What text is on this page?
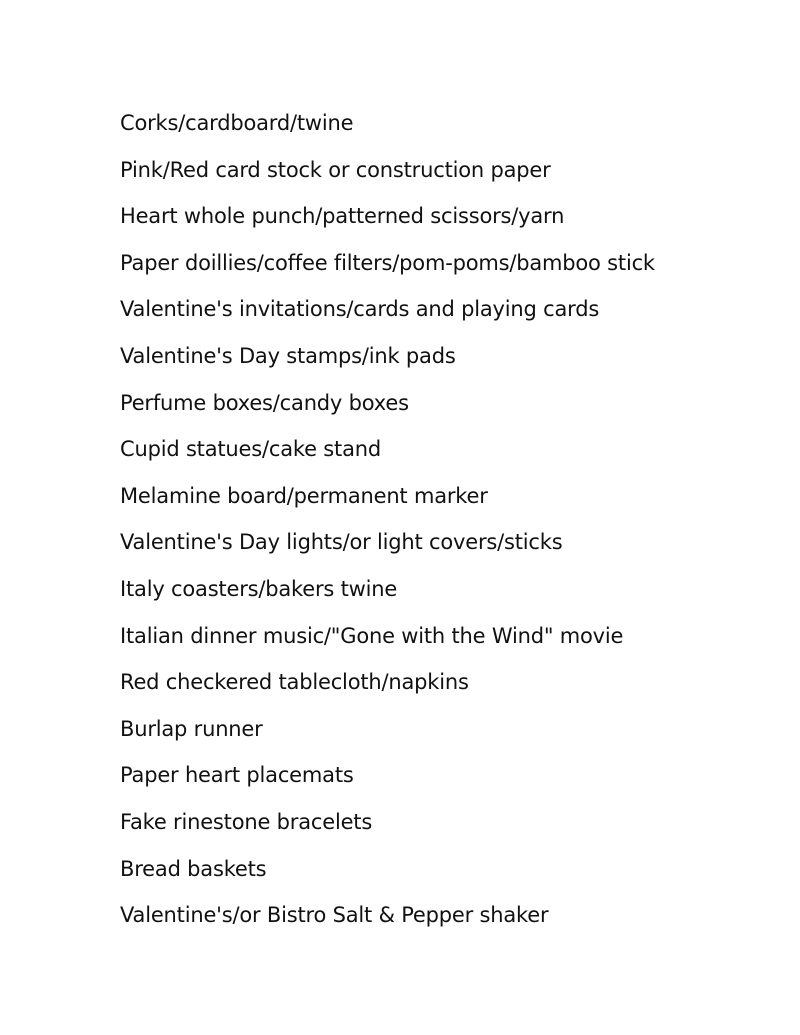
Corks/cardboard/twine
Pink/Red card stock or construction paper
Heart whole punch/patterned scissors/yarn
Paper doillies/coffee filters/pom-poms/bamboo stick
Valentine's invitations/cards and playing cards
Valentine's Day stamps/ink pads
Perfume boxes/candy boxes
Cupid statues/cake stand
Melamine board/permanent marker
Valentine's Day lights/or light covers/sticks
Italy coasters/bakers twine
Italian dinner music/"Gone with the Wind" movie
Red checkered tablecloth/napkins
Burlap runner
Paper heart placemats
Fake rinestone bracelets
Bread baskets
Valentine's/or Bistro Salt & Pepper shaker
